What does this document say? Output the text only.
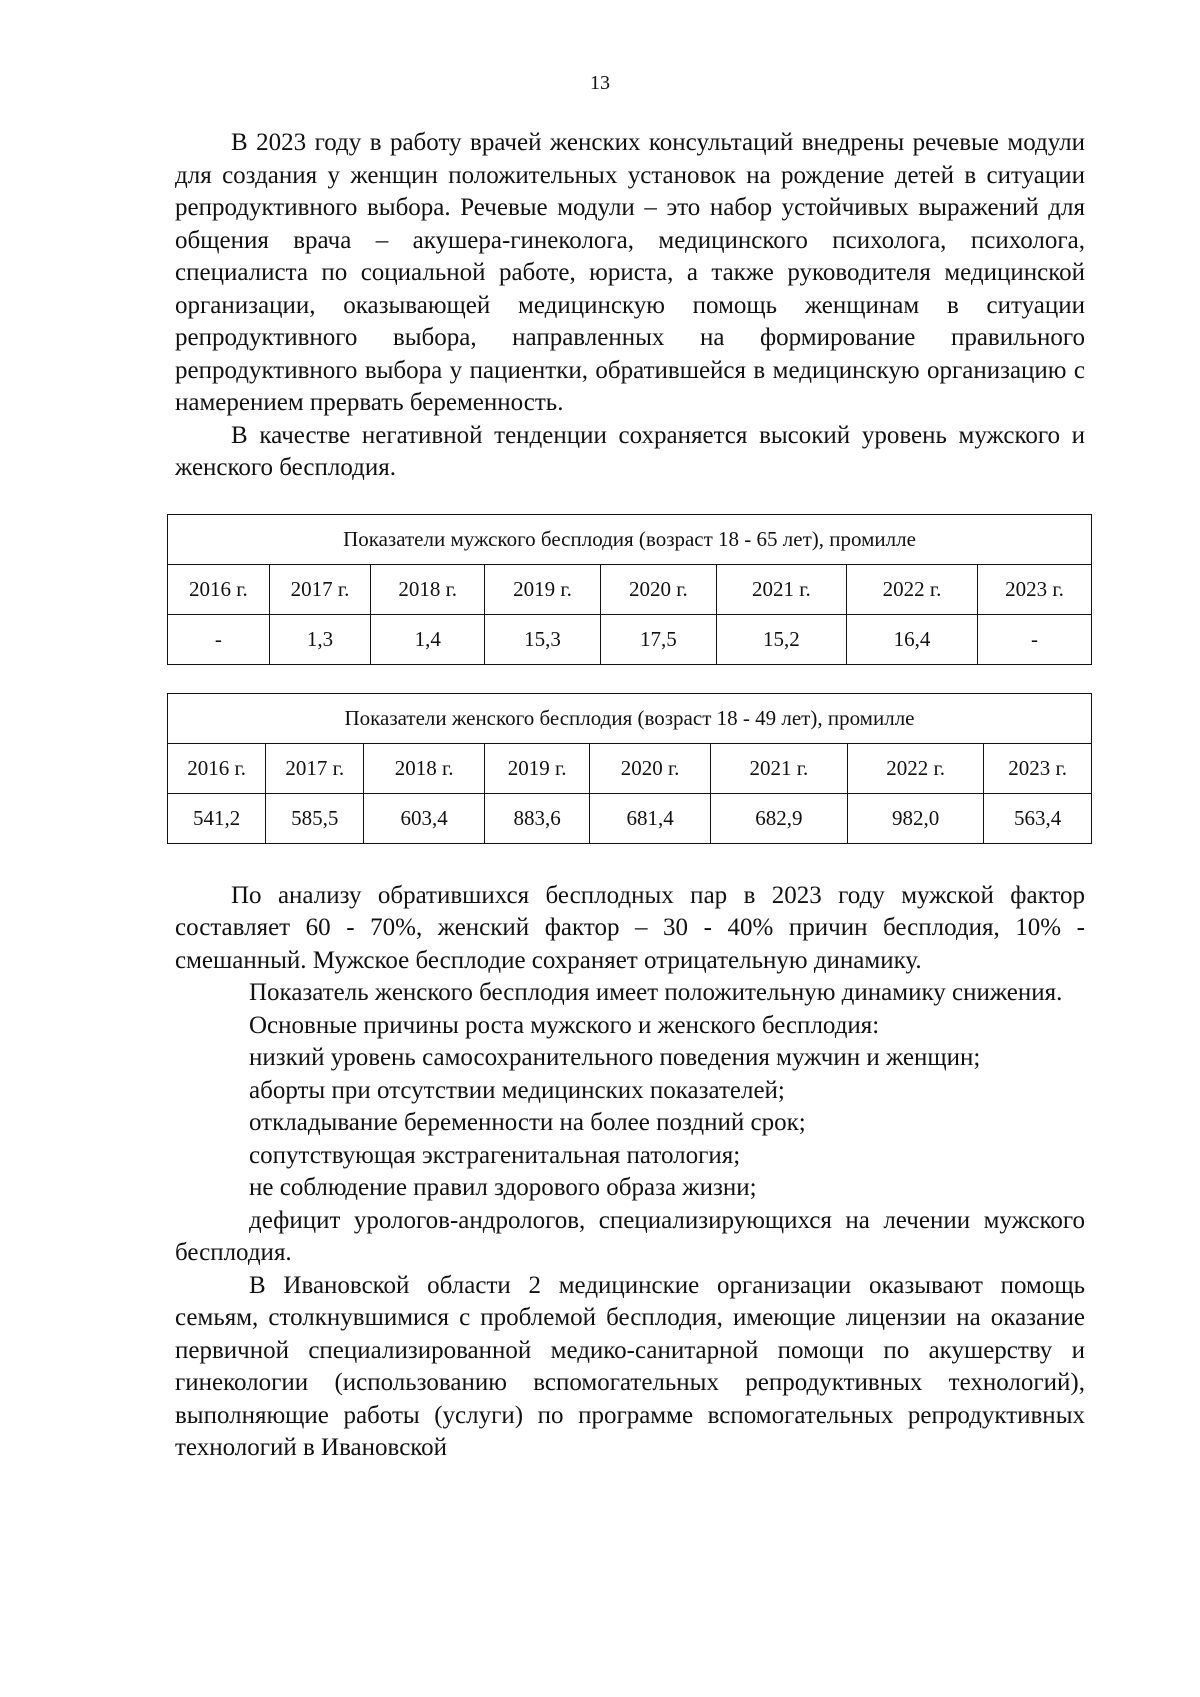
13

В 2023 году в работу врачей женских консультаций внедрены речевые модули для создания у женщин положительных установок на рождение детей в ситуации репродуктивного выбора. Речевые модули – это набор устойчивых выражений для общения врача – акушера-гинеколога, медицинского психолога, психолога, специалиста по социальной работе, юриста, а также руководителя медицинской организации, оказывающей медицинскую помощь женщинам в ситуации репродуктивного выбора, направленных на формирование правильного репродуктивного выбора у пациентки, обратившейся в медицинскую организацию с намерением прервать беременность.

В качестве негативной тенденции сохраняется высокий уровень мужского и женского бесплодия.

Показатели мужского бесплодия (возраст 18 - 65 лет), промилле							
2016 г.	2017 г.	2018 г.	2019 г.	2020 г.	2021 г.	2022 г.	2023 г.
-	1,3	1,4	15,3	17,5	15,2	16,4	-
Показатели женского бесплодия (возраст 18 - 49 лет), промилле							
2016 г.	2017 г.	2018 г.	2019 г.	2020 г.	2021 г.	2022 г.	2023 г.
541,2	585,5	603,4	883,6	681,4	682,9	982,0	563,4

По анализу обратившихся бесплодных пар в 2023 году мужской фактор составляет 60 - 70%, женский фактор – 30 - 40% причин бесплодия, 10% - смешанный. Мужское бесплодие сохраняет отрицательную динамику.

Показатель женского бесплодия имеет положительную динамику снижения.

Основные причины роста мужского и женского бесплодия:

низкий уровень самосохранительного поведения мужчин и женщин;

аборты при отсутствии медицинских показателей;

откладывание беременности на более поздний срок;

сопутствующая экстрагенитальная патология;

не соблюдение правил здорового образа жизни;

дефицит урологов-андрологов, специализирующихся на лечении мужского бесплодия.

В Ивановской области 2 медицинские организации оказывают помощь семьям, столкнувшимися с проблемой бесплодия, имеющие лицензии на оказание первичной специализированной медико-санитарной помощи по акушерству и гинекологии (использованию вспомогательных репродуктивных технологий), выполняющие работы (услуги) по программе вспомогательных репродуктивных технологий в Ивановской
